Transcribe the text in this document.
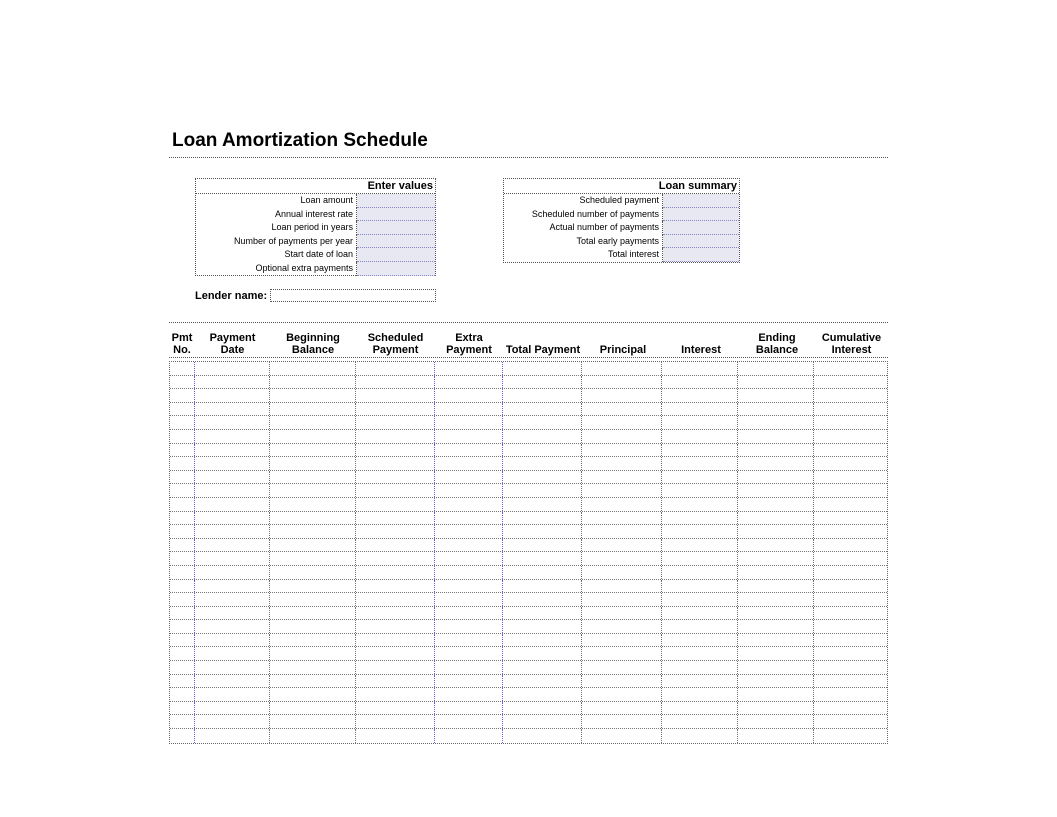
Loan Amortization Schedule
Enter values
Loan amount
Annual interest rate
Loan period in years
Number of payments per year
Start date of loan
Optional extra payments
Loan summary
Scheduled payment
Scheduled number of payments
Actual number of payments
Total early payments
Total interest
Lender name:
Pmt
No.
Payment
Date
Beginning
Balance
Scheduled
Payment
Extra
Payment Total Payment Principal	Interest
Ending
Balance
Cumulative
Interest
